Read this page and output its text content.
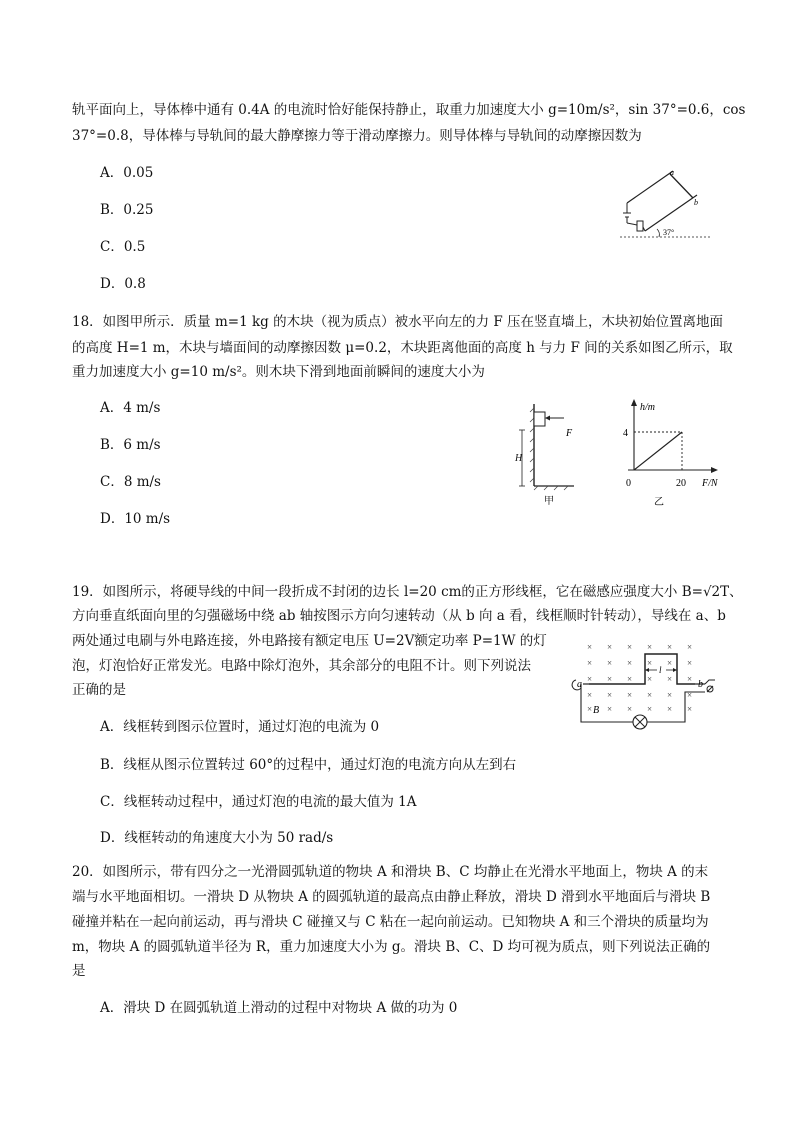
轨平面向上，导体棒中通有 0.4A 的电流时恰好能保持静止，取重力加速度大小 g=10m/s²，sin 37°=0.6，cos
37°=0.8，导体棒与导轨间的最大静摩擦力等于滑动摩擦力。则导体棒与导轨间的动摩擦因数为
A．0.05
B．0.25
C．0.5
D．0.8
a
b
37°
18．如图甲所示．质量 m=1 kg 的木块（视为质点）被水平向左的力 F 压在竖直墙上，木块初始位置离地面
的高度 H=1 m，木块与墙面间的动摩擦因数 μ=0.2，木块距离他面的高度 h 与力 F 间的关系如图乙所示，取
重力加速度大小 g=10 m/s²。则木块下滑到地面前瞬间的速度大小为
A．4 m/s
B．6 m/s
C．8 m/s
D．10 m/s
F
H
甲
h/m
F/N
0
4
20
乙
19．如图所示，将硬导线的中间一段折成不封闭的边长 l=20 cm的正方形线框，它在磁感应强度大小 B=√2T、
方向垂直纸面向里的匀强磁场中绕 ab 轴按图示方向匀速转动（从 b 向 a 看，线框顺时针转动），导线在 a、b
两处通过电刷与外电路连接，外电路接有额定电压 U=2V额定功率 P=1W 的灯
泡，灯泡恰好正常发光。电路中除灯泡外，其余部分的电阻不计。则下列说法
正确的是
A．线框转到图示位置时，通过灯泡的电流为 0
B．线框从图示位置转过 60°的过程中，通过灯泡的电流方向从左到右
C．线框转动过程中，通过灯泡的电流的最大值为 1A
D．线框转动的角速度大小为 50 rad/s
× × × × × ×
× × × × × ×
× × × × × ×
× × × × × ×
× × × × × ×
l
a	b
B
20．如图所示，带有四分之一光滑圆弧轨道的物块 A 和滑块 B、C 均静止在光滑水平地面上，物块 A 的末
端与水平地面相切。一滑块 D 从物块 A 的圆弧轨道的最高点由静止释放，滑块 D 滑到水平地面后与滑块 B
碰撞并粘在一起向前运动，再与滑块 C 碰撞又与 C 粘在一起向前运动。已知物块 A 和三个滑块的质量均为
m，物块 A 的圆弧轨道半径为 R，重力加速度大小为 g。滑块 B、C、D 均可视为质点，则下列说法正确的
是
A．滑块 D 在圆弧轨道上滑动的过程中对物块 A 做的功为 0
